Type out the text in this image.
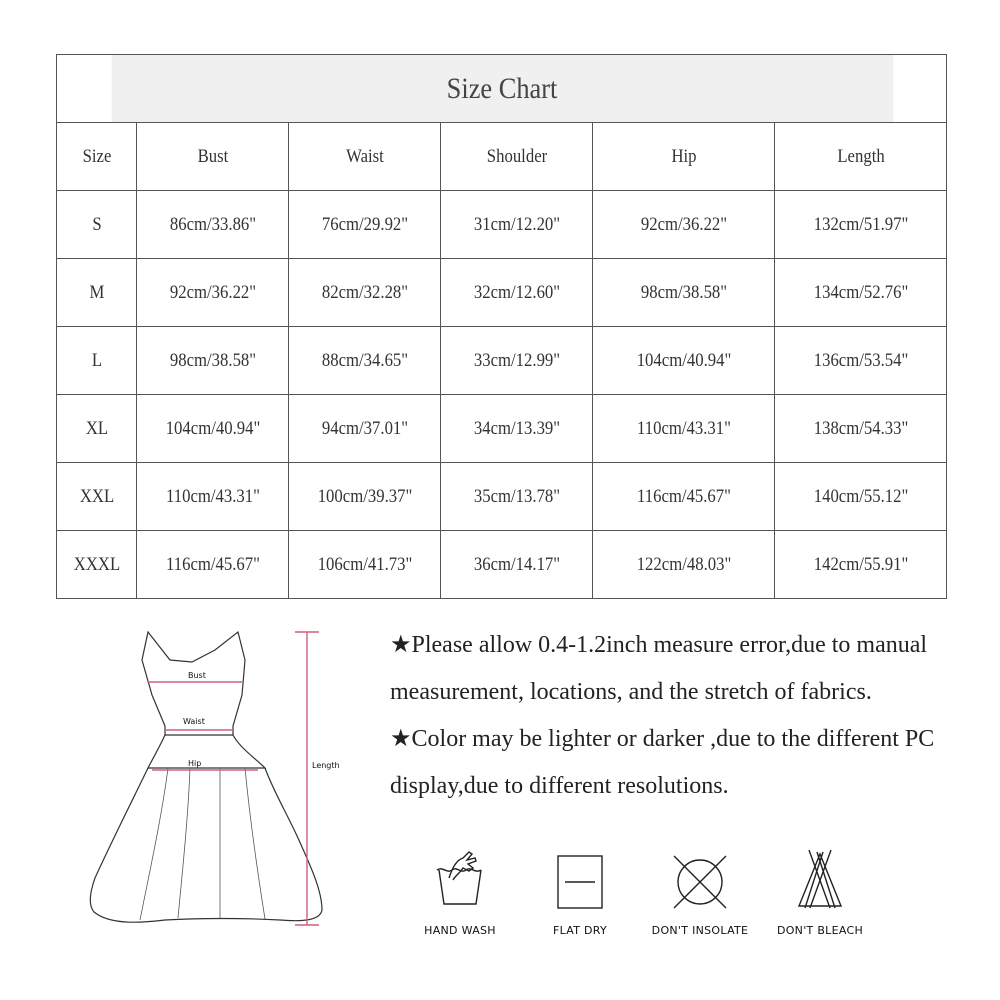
Size Chart					
Size	Bust	Waist	Shoulder	Hip	Length
S	86cm/33.86"	76cm/29.92"	31cm/12.20"	92cm/36.22"	132cm/51.97"
M	92cm/36.22"	82cm/32.28"	32cm/12.60"	98cm/38.58"	134cm/52.76"
L	98cm/38.58"	88cm/34.65"	33cm/12.99"	104cm/40.94"	136cm/53.54"
XL	104cm/40.94"	94cm/37.01"	34cm/13.39"	110cm/43.31"	138cm/54.33"
XXL	110cm/43.31"	100cm/39.37"	35cm/13.78"	116cm/45.67"	140cm/55.12"
XXXL	116cm/45.67"	106cm/41.73"	36cm/14.17"	122cm/48.03"	142cm/55.91"
Bust
Waist
Hip	Length

★Please allow 0.4-1.2inch measure error,due to manual measurement, locations, and the stretch of fabrics.

★Color may be lighter or darker ,due to the different PC display,due to different resolutions.

HAND WASH	FLAT DRY	DON'T INSOLATE	DON'T BLEACH
